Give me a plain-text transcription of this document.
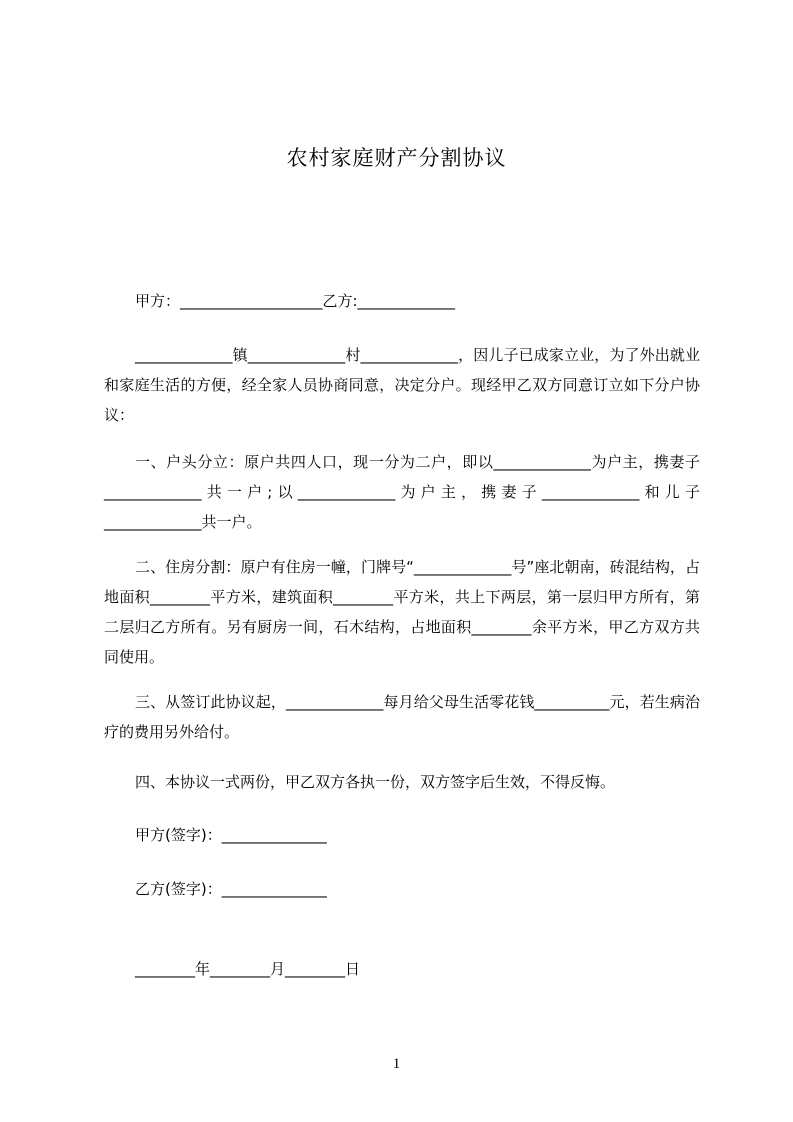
农村家庭财产分割协议
甲方：___________________乙方:_____________
_____________镇_____________村_____________，因儿子已成家立业，为了外出就业和家庭生活的方便，经全家人员协商同意，决定分户。现经甲乙双方同意订立如下分户协议：
一、户头分立：原户共四人口，现一分为二户，即以_____________为户主，携妻子_____________共一户;以_____________为户主，携妻子_____________和儿子_____________共一户。
二、住房分割：原户有住房一幢，门牌号“_____________号”座北朝南，砖混结构，占地面积________平方米，建筑面积________平方米，共上下两层，第一层归甲方所有，第二层归乙方所有。另有厨房一间，石木结构，占地面积________余平方米，甲乙方双方共同使用。
三、从签订此协议起，_____________每月给父母生活零花钱__________元，若生病治疗的费用另外给付。
四、本协议一式两份，甲乙双方各执一份，双方签字后生效，不得反悔。
甲方(签字)：______________
乙方(签字)：______________
________年________月________日
1
